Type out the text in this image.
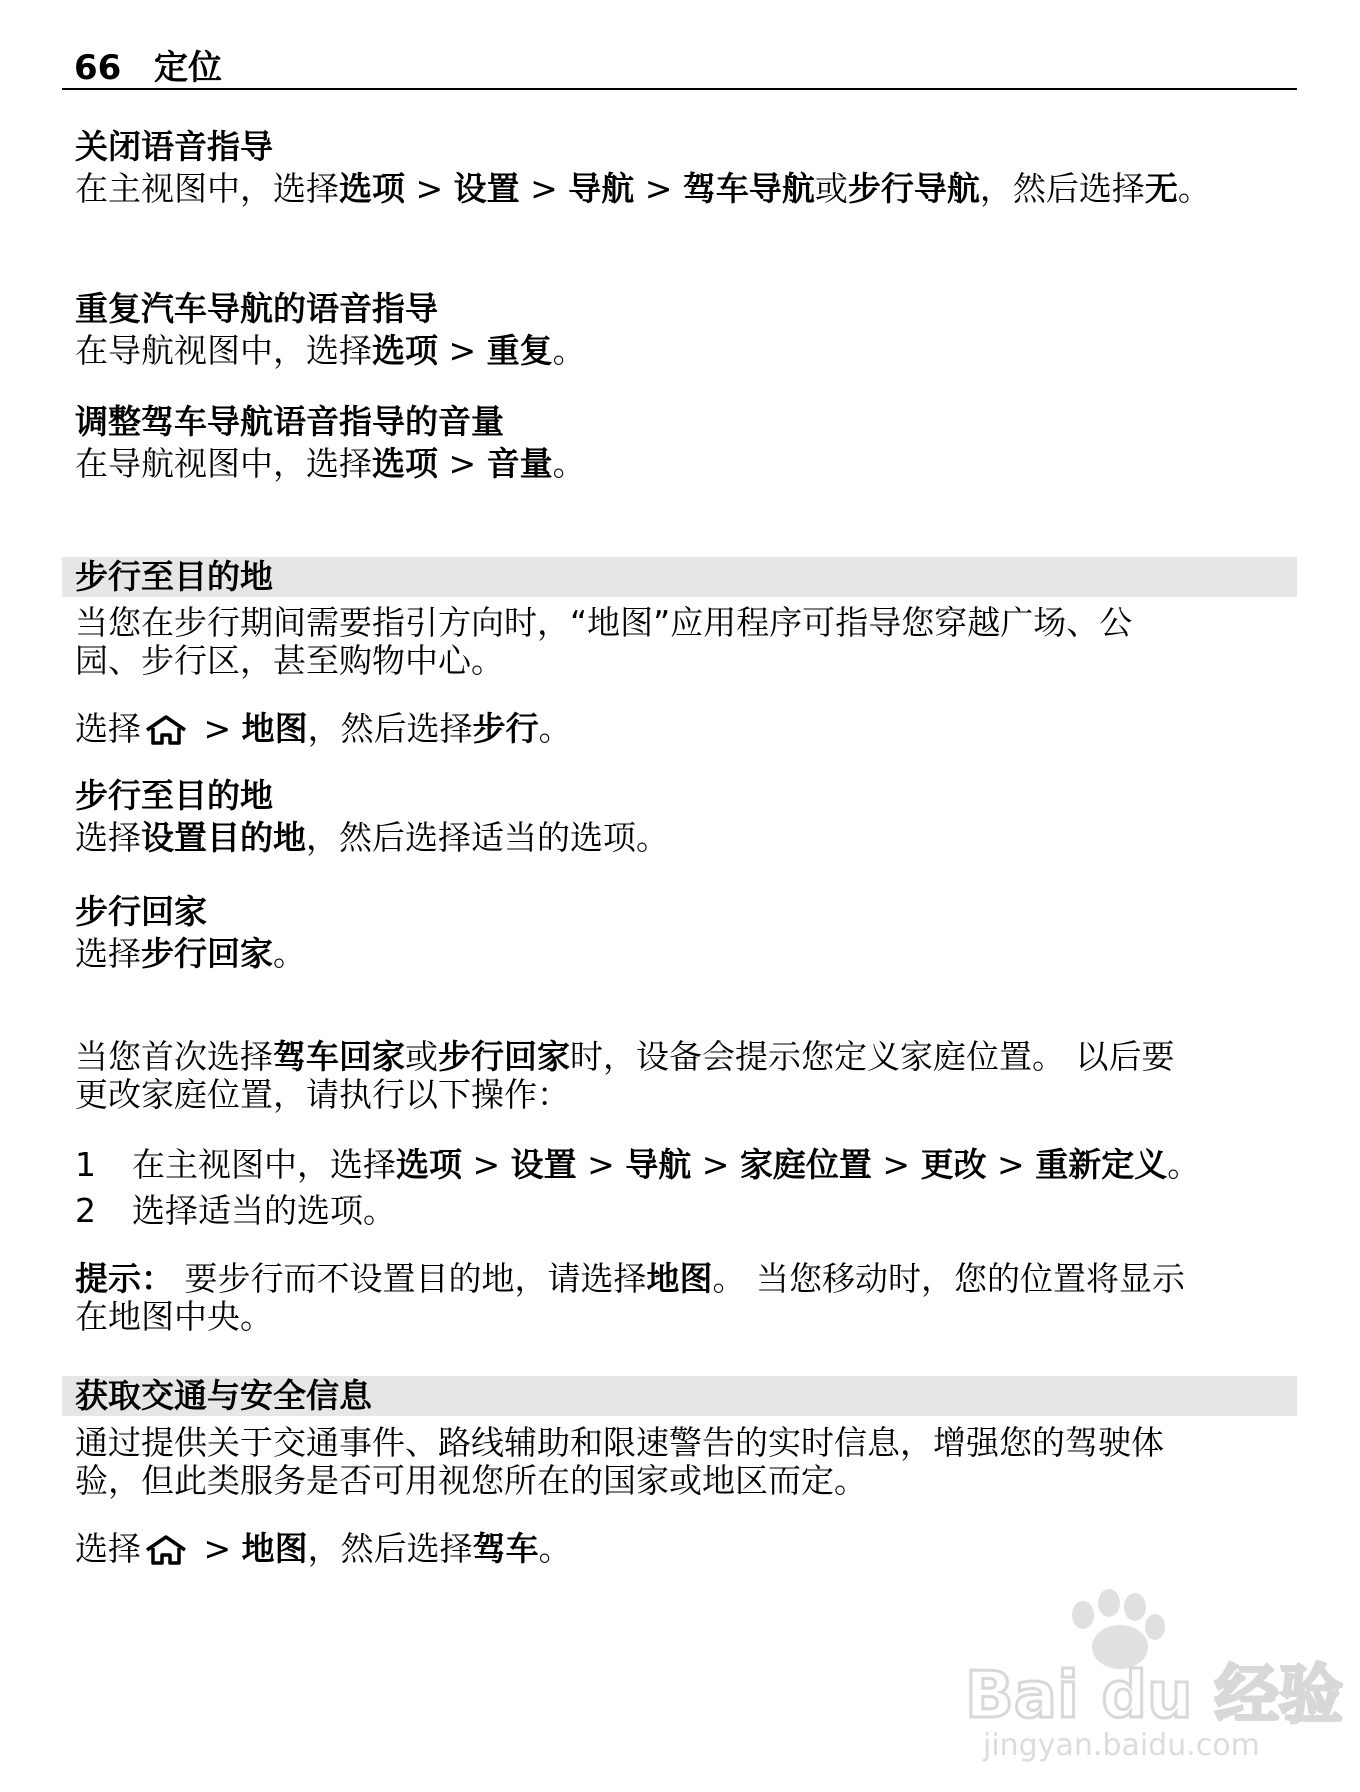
66 定位
关闭语音指导
在主视图中，选择选项 > 设置 > 导航 > 驾车导航或步行导航，然后选择无。
重复汽车导航的语音指导
在导航视图中，选择选项 > 重复。
调整驾车导航语音指导的音量
在导航视图中，选择选项 > 音量。
步行至目的地
当您在步行期间需要指引方向时，“地图”应用程序可指导您穿越广场、公
园、步行区，甚至购物中心。
选择 > 地图，然后选择步行。
步行至目的地
选择设置目的地，然后选择适当的选项。
步行回家
选择步行回家。
当您首次选择驾车回家或步行回家时，设备会提示您定义家庭位置。 以后要
更改家庭位置，请执行以下操作：
1 在主视图中，选择选项 > 设置 > 导航 > 家庭位置 > 更改 > 重新定义。
2 选择适当的选项。
提示： 要步行而不设置目的地，请选择地图。 当您移动时，您的位置将显示
在地图中央。
获取交通与安全信息
通过提供关于交通事件、路线辅助和限速警告的实时信息，增强您的驾驶体
验，但此类服务是否可用视您所在的国家或地区而定。
选择 > 地图，然后选择驾车。
Bai du 经验
jingyan.baidu.com
